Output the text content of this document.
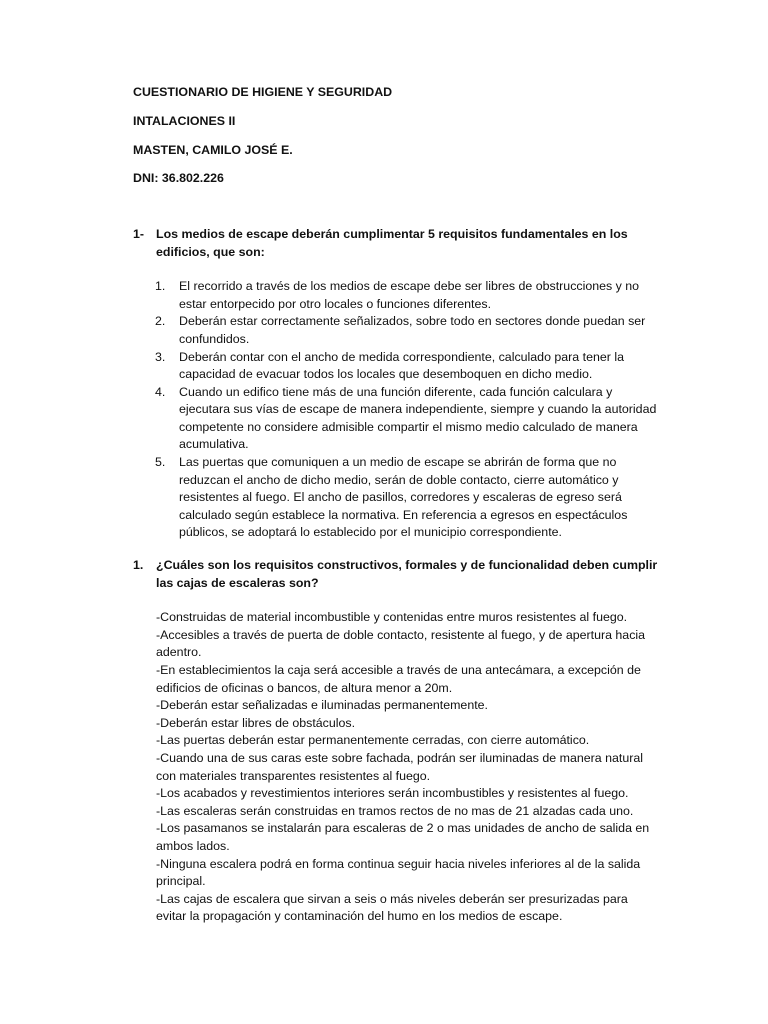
CUESTIONARIO DE HIGIENE Y SEGURIDAD

INTALACIONES II

MASTEN, CAMILO JOSÉ E.

DNI: 36.802.226

1- Los medios de escape deberán cumplimentar 5 requisitos fundamentales en los edificios, que son:
1. El recorrido a través de los medios de escape debe ser libres de obstrucciones y no estar entorpecido por otro locales o funciones diferentes.
2. Deberán estar correctamente señalizados, sobre todo en sectores donde puedan ser confundidos.
3. Deberán contar con el ancho de medida correspondiente, calculado para tener la capacidad de evacuar todos los locales que desemboquen en dicho medio.
4. Cuando un edifico tiene más de una función diferente, cada función calculara y ejecutara sus vías de escape de manera independiente, siempre y cuando la autoridad competente no considere admisible compartir el mismo medio calculado de manera acumulativa.
5. Las puertas que comuniquen a un medio de escape se abrirán de forma que no reduzcan el ancho de dicho medio, serán de doble contacto, cierre automático y resistentes al fuego. El ancho de pasillos, corredores y escaleras de egreso será calculado según establece la normativa. En referencia a egresos en espectáculos públicos, se adoptará lo establecido por el municipio correspondiente.
1. ¿Cuáles son los requisitos constructivos, formales y de funcionalidad deben cumplir las cajas de escaleras son?

-Construidas de material incombustible y contenidas entre muros resistentes al fuego.

-Accesibles a través de puerta de doble contacto, resistente al fuego, y de apertura hacia adentro.

-En establecimientos la caja será accesible a través de una antecámara, a excepción de edificios de oficinas o bancos, de altura menor a 20m.

-Deberán estar señalizadas e iluminadas permanentemente.

-Deberán estar libres de obstáculos.

-Las puertas deberán estar permanentemente cerradas, con cierre automático.

-Cuando una de sus caras este sobre fachada, podrán ser iluminadas de manera natural con materiales transparentes resistentes al fuego.

-Los acabados y revestimientos interiores serán incombustibles y resistentes al fuego.

-Las escaleras serán construidas en tramos rectos de no mas de 21 alzadas cada uno.

-Los pasamanos se instalarán para escaleras de 2 o mas unidades de ancho de salida en ambos lados.

-Ninguna escalera podrá en forma continua seguir hacia niveles inferiores al de la salida principal.

-Las cajas de escalera que sirvan a seis o más niveles deberán ser presurizadas para evitar la propagación y contaminación del humo en los medios de escape.
